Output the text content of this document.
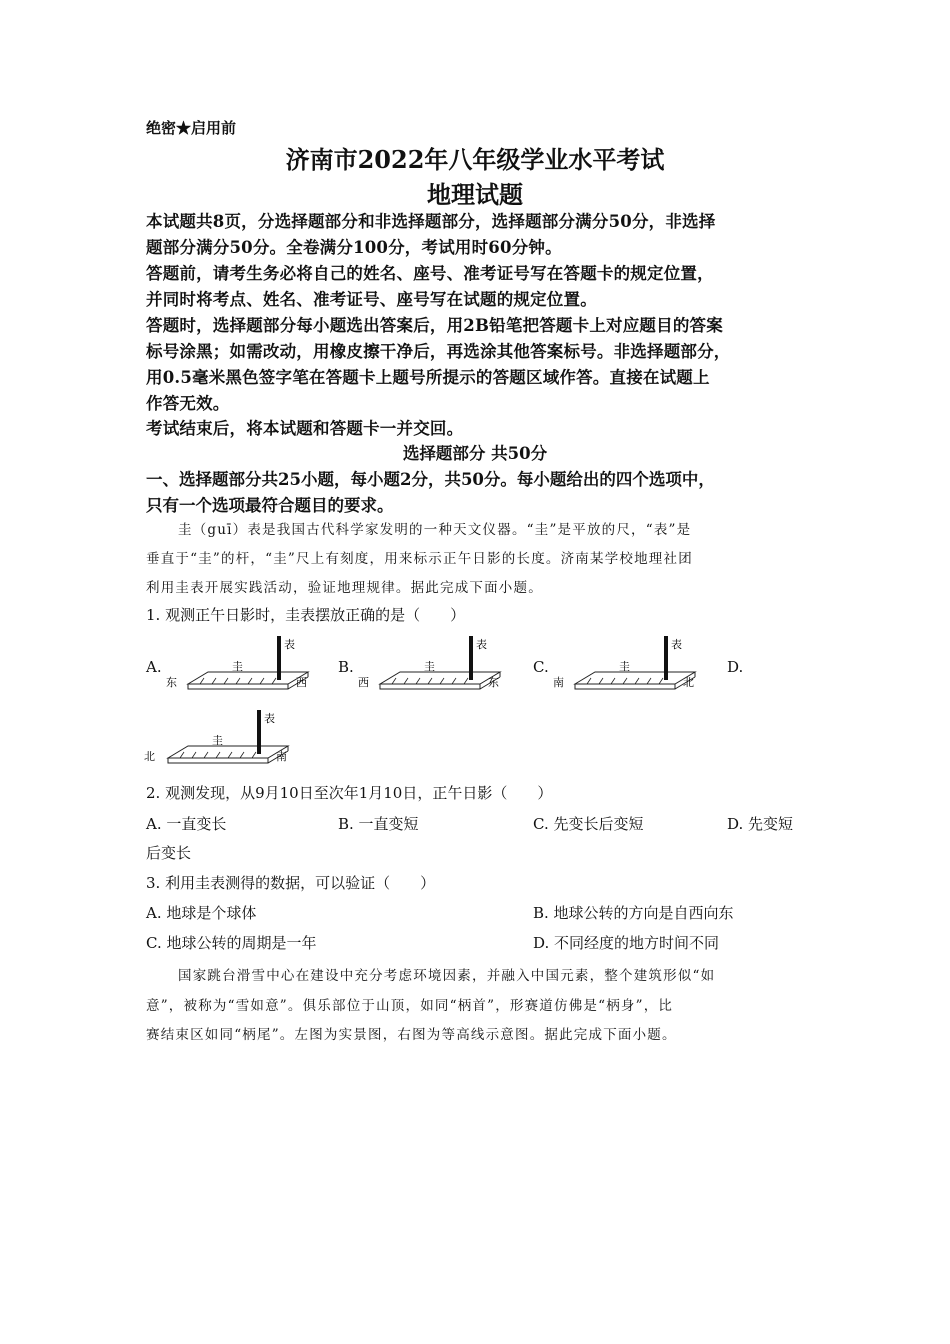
绝密★启用前
济南市2022年八年级学业水平考试
地理试题
本试题共8页，分选择题部分和非选择题部分，选择题部分满分50分，非选择
题部分满分50分。全卷满分100分，考试用时60分钟。
答题前，请考生务必将自己的姓名、座号、准考证号写在答题卡的规定位置，
并同时将考点、姓名、准考证号、座号写在试题的规定位置。
答题时，选择题部分每小题选出答案后，用2B铅笔把答题卡上对应题目的答案
标号涂黑；如需改动，用橡皮擦干净后，再选涂其他答案标号。非选择题部分，
用0.5毫米黑色签字笔在答题卡上题号所提示的答题区域作答。直接在试题上
作答无效。
考试结束后，将本试题和答题卡一并交回。
选择题部分 共50分
一、选择题部分共25小题，每小题2分，共50分。每小题给出的四个选项中，
只有一个选项最符合题目的要求。
圭（guī）表是我国古代科学家发明的一种天文仪器。“圭”是平放的尺，“表”是
垂直于“圭”的杆，“圭”尺上有刻度，用来标示正午日影的长度。济南某学校地理社团
利用圭表开展实践活动，验证地理规律。据此完成下面小题。
1. 观测正午日影时，圭表摆放正确的是（　　）
A.
东	西
圭
表
B.
西	东
圭
表
C.
南	北
圭
表
D.
北	南
圭
表
2. 观测发现，从9月10日至次年1月10日，正午日影（　　）
A. 一直变长	B. 一直变短	C. 先变长后变短	D. 先变短
后变长
3. 利用圭表测得的数据，可以验证（　　）
A. 地球是个球体	B. 地球公转的方向是自西向东
C. 地球公转的周期是一年	D. 不同经度的地方时间不同
国家跳台滑雪中心在建设中充分考虑环境因素，并融入中国元素，整个建筑形似“如
意”，被称为“雪如意”。俱乐部位于山顶，如同“柄首”，形赛道仿佛是“柄身”，比
赛结束区如同“柄尾”。左图为实景图，右图为等高线示意图。据此完成下面小题。
